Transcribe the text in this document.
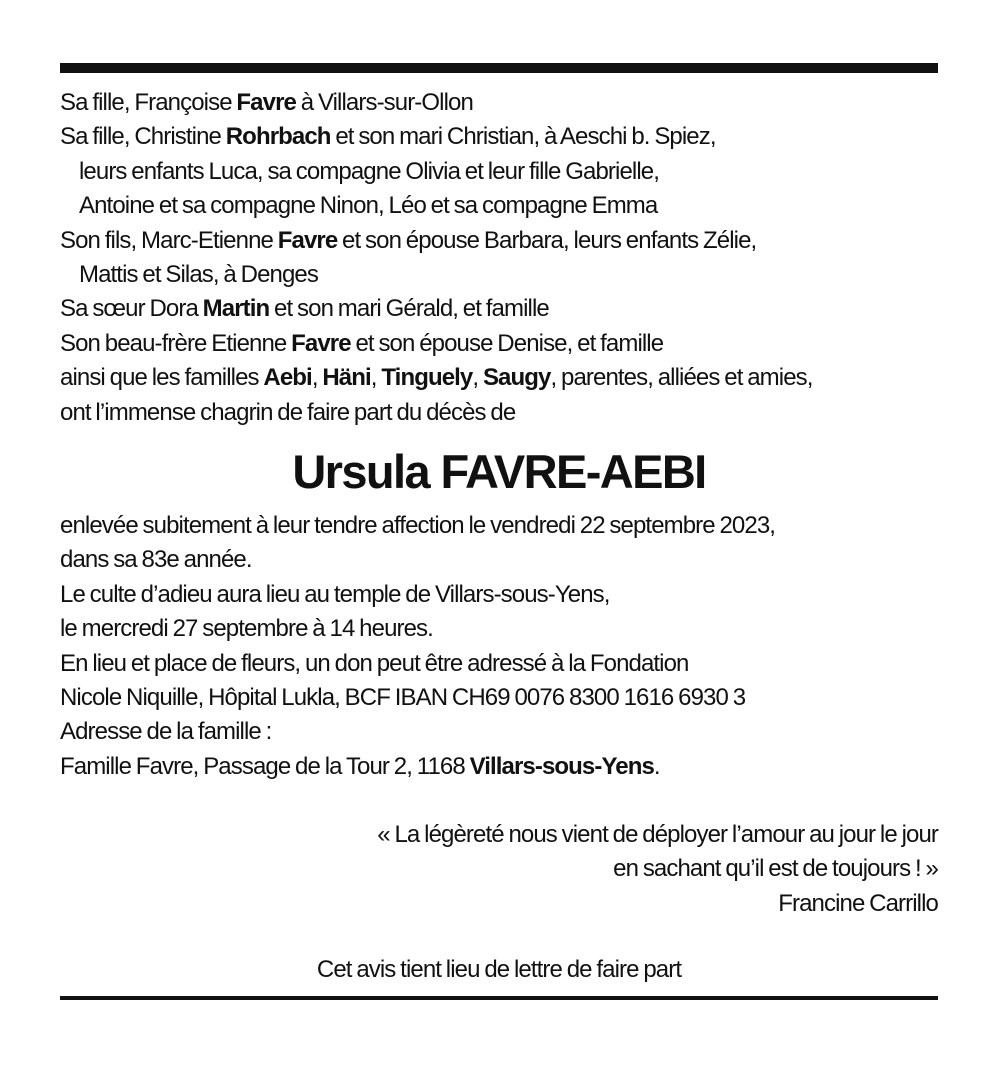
Sa fille, Françoise Favre à Villars-sur-Ollon
Sa fille, Christine Rohrbach et son mari Christian, à Aeschi b. Spiez,
leurs enfants Luca, sa compagne Olivia et leur fille Gabrielle,
Antoine et sa compagne Ninon, Léo et sa compagne Emma
Son fils, Marc-Etienne Favre et son épouse Barbara, leurs enfants Zélie,
Mattis et Silas, à Denges
Sa sœur Dora Martin et son mari Gérald, et famille
Son beau-frère Etienne Favre et son épouse Denise, et famille
ainsi que les familles Aebi, Häni, Tinguely, Saugy, parentes, alliées et amies,
ont l’immense chagrin de faire part du décès de
Ursula FAVRE-AEBI
enlevée subitement à leur tendre affection le vendredi 22 septembre 2023,
dans sa 83e année.
Le culte d’adieu aura lieu au temple de Villars-sous-Yens,
le mercredi 27 septembre à 14 heures.
En lieu et place de fleurs, un don peut être adressé à la Fondation
Nicole Niquille, Hôpital Lukla, BCF IBAN CH69 0076 8300 1616 6930 3
Adresse de la famille :
Famille Favre, Passage de la Tour 2, 1168 Villars-sous-Yens.
« La légèreté nous vient de déployer l’amour au jour le jour
en sachant qu’il est de toujours ! »
Francine Carrillo
Cet avis tient lieu de lettre de faire part
